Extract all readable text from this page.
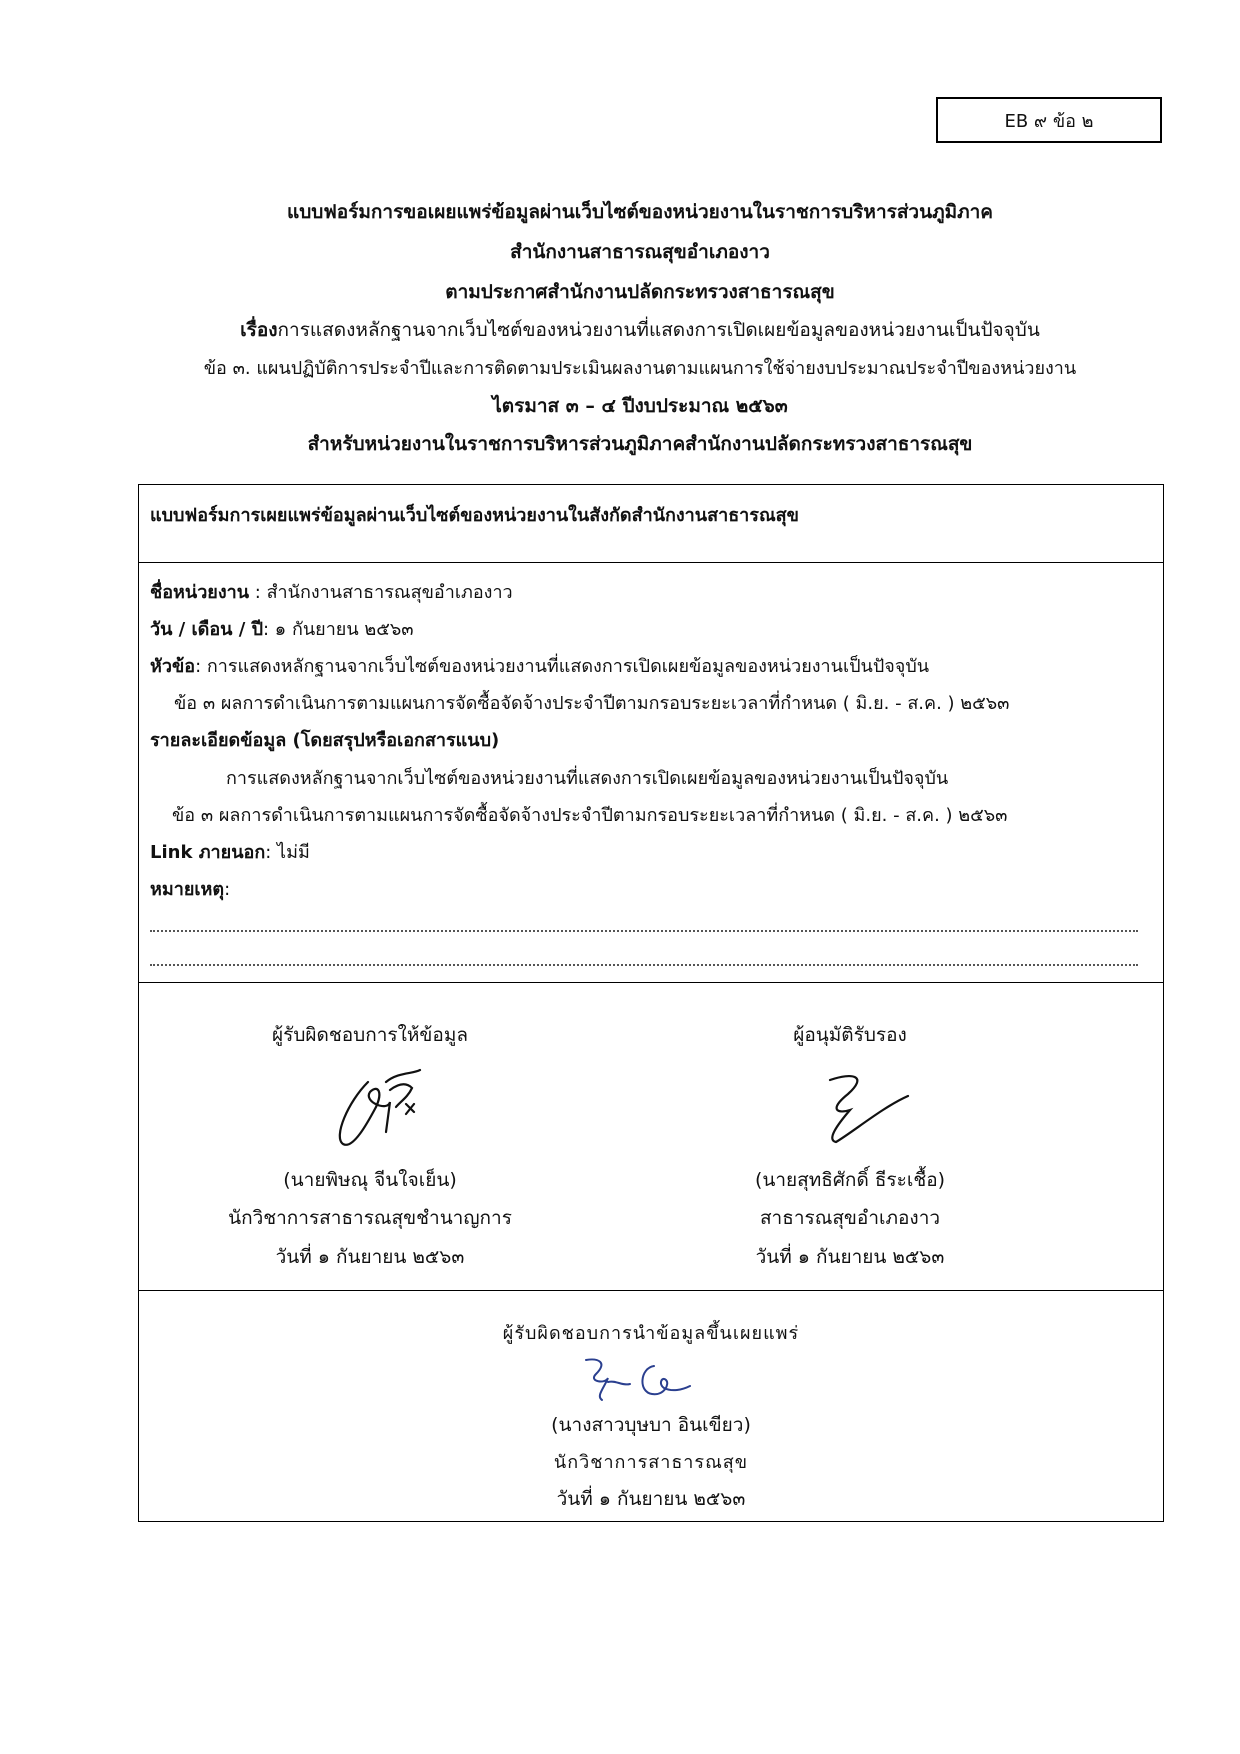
EB ๙ ข้อ ๒
แบบฟอร์มการขอเผยแพร่ข้อมูลผ่านเว็บไซต์ของหน่วยงานในราชการบริหารส่วนภูมิภาค
สำนักงานสาธารณสุขอำเภองาว
ตามประกาศสำนักงานปลัดกระทรวงสาธารณสุข
เรื่องการแสดงหลักฐานจากเว็บไซต์ของหน่วยงานที่แสดงการเปิดเผยข้อมูลของหน่วยงานเป็นปัจจุบัน
ข้อ ๓. แผนปฏิบัติการประจำปีและการติดตามประเมินผลงานตามแผนการใช้จ่ายงบประมาณประจำปีของหน่วยงาน
ไตรมาส ๓ – ๔ ปีงบประมาณ ๒๕๖๓
สำหรับหน่วยงานในราชการบริหารส่วนภูมิภาคสำนักงานปลัดกระทรวงสาธารณสุข
แบบฟอร์มการเผยแพร่ข้อมูลผ่านเว็บไซต์ของหน่วยงานในสังกัดสำนักงานสาธารณสุข
ชื่อหน่วยงาน : สำนักงานสาธารณสุขอำเภองาว
วัน / เดือน / ปี: ๑ กันยายน ๒๕๖๓
หัวข้อ: การแสดงหลักฐานจากเว็บไซต์ของหน่วยงานที่แสดงการเปิดเผยข้อมูลของหน่วยงานเป็นปัจจุบัน
ข้อ ๓ ผลการดำเนินการตามแผนการจัดซื้อจัดจ้างประจำปีตามกรอบระยะเวลาที่กำหนด ( มิ.ย. - ส.ค. ) ๒๕๖๓
รายละเอียดข้อมูล (โดยสรุปหรือเอกสารแนบ)
การแสดงหลักฐานจากเว็บไซต์ของหน่วยงานที่แสดงการเปิดเผยข้อมูลของหน่วยงานเป็นปัจจุบัน
ข้อ ๓ ผลการดำเนินการตามแผนการจัดซื้อจัดจ้างประจำปีตามกรอบระยะเวลาที่กำหนด ( มิ.ย. - ส.ค. ) ๒๕๖๓
Link ภายนอก: ไม่มี
หมายเหตุ:
ผู้รับผิดชอบการให้ข้อมูล
(นายพิษณุ จีนใจเย็น)
นักวิชาการสาธารณสุขชำนาญการ
วันที่ ๑ กันยายน ๒๕๖๓
ผู้อนุมัติรับรอง
(นายสุทธิศักดิ์ ธีระเชื้อ)
สาธารณสุขอำเภองาว
วันที่ ๑ กันยายน ๒๕๖๓
ผู้รับผิดชอบการนำข้อมูลขึ้นเผยแพร่
(นางสาวบุษบา อินเขียว)
นักวิชาการสาธารณสุข
วันที่ ๑ กันยายน ๒๕๖๓
